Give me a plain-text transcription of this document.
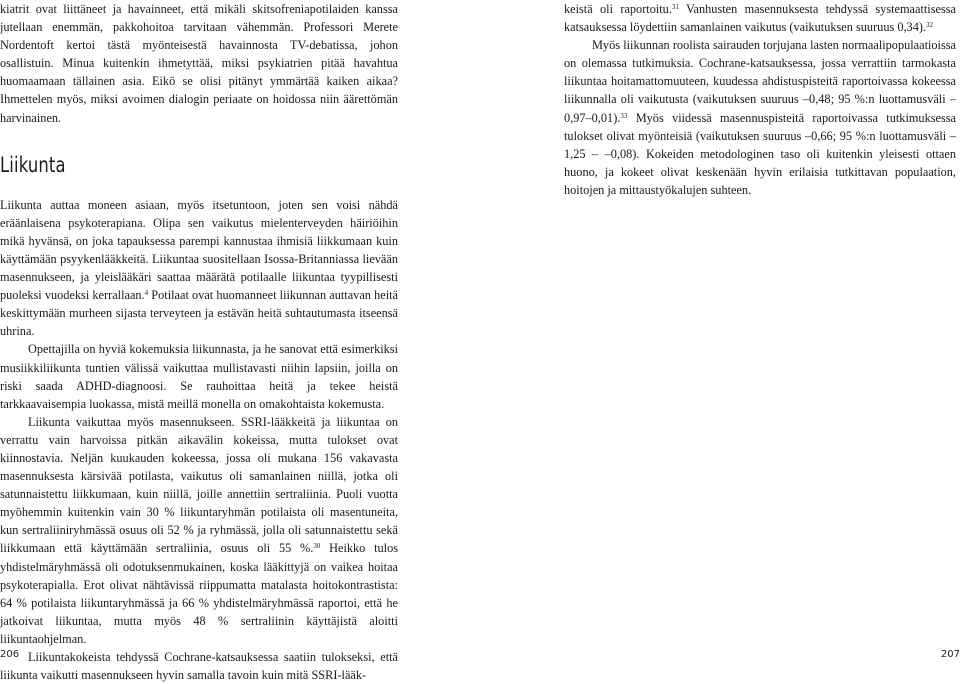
kiatrit ovat liittäneet ja havainneet, että mikäli skitsofreniapotilaiden kanssa jutellaan enemmän, pakkohoitoa tarvitaan vähemmän. Professori Merete Nordentoft kertoi tästä myönteisestä havainnosta TV-debatissa, johon osallistuin. Minua kuitenkin ihmetyttää, miksi psykiatrien pitää havahtua huomaamaan tällainen asia. Eikö se olisi pitänyt ymmärtää kaiken aikaa? Ihmettelen myös, miksi avoimen dialogin periaate on hoidossa niin äärettömän harvinainen.

Liikunta

Liikunta auttaa moneen asiaan, myös itsetuntoon, joten sen voisi nähdä eräänlaisena psykoterapiana. Olipa sen vaikutus mielenterveyden häiriöihin mikä hyvänsä, on joka tapauksessa parempi kannustaa ihmisiä liikkumaan kuin käyttämään psyykenlääkkeitä. Liikuntaa suositellaan Isossa-Britanniassa lievään masennukseen, ja yleislääkäri saattaa määrätä potilaalle liikuntaa tyypillisesti puoleksi vuodeksi kerrallaan.$^4$ Potilaat ovat huomanneet liikunnan auttavan heitä keskittymään murheen sijasta terveyteen ja estävän heitä suhtautumasta itseensä uhrina.

Opettajilla on hyviä kokemuksia liikunnasta, ja he sanovat että esimerkiksi musiikkiliikunta tuntien välissä vaikuttaa mullistavasti niihin lapsiin, joilla on riski saada ADHD-diagnoosi. Se rauhoittaa heitä ja tekee heistä tarkkaavaisempia luokassa, mistä meillä monella on omakohtaista kokemusta.

Liikunta vaikuttaa myös masennukseen. SSRI-lääkkeitä ja liikuntaa on verrattu vain harvoissa pitkän aikavälin kokeissa, mutta tulokset ovat kiinnostavia. Neljän kuukauden kokeessa, jossa oli mukana 156 vakavasta masennuksesta kärsivää potilasta, vaikutus oli samanlainen niillä, jotka oli satunnaistettu liikkumaan, kuin niillä, joille annettiin sertraliinia. Puoli vuotta myöhemmin kuitenkin vain 30 % liikuntaryhmän potilaista oli masentuneita, kun sertraliiniryhmässä osuus oli 52 % ja ryhmässä, jolla oli satunnaistettu sekä liikkumaan että käyttämään sertraliinia, osuus oli 55 %.$^{30}$ Heikko tulos yhdistelmäryhmässä oli odotuksenmukainen, koska lääkittyjä on vaikea hoitaa psykoterapialla. Erot olivat nähtävissä riippumatta matalasta hoitokontrastista: 64 % potilaista liikuntaryhmässä ja 66 % yhdistelmäryhmässä raportoi, että he jatkoivat liikuntaa, mutta myös 48 % sertraliinin käyttäjistä aloitti liikuntaohjelman.

Liikuntakokeista tehdyssä Cochrane-katsauksessa saatiin tulokseksi, että liikunta vaikutti masennukseen hyvin samalla tavoin kuin mitä SSRI-lääk-

keistä oli raportoitu.$^{31}$ Vanhusten masennuksesta tehdyssä systemaattisessa katsauksessa löydettiin samanlainen vaikutus (vaikutuksen suuruus 0,34).$^{32}$

Myös liikunnan roolista sairauden torjujana lasten normaalipopulaatioissa on olemassa tutkimuksia. Cochrane-katsauksessa, jossa verrattiin tarmokasta liikuntaa hoitamattomuuteen, kuudessa ahdistuspisteitä raportoivassa kokeessa liikunnalla oli vaikutusta (vaikutuksen suuruus –0,48; 95 %:n luottamusväli –0,97–0,01).$^{33}$ Myös viidessä masennuspisteitä raportoivassa tutkimuksessa tulokset olivat myönteisiä (vaikutuksen suuruus –0,66; 95 %:n luottamusväli –1,25 – –0,08). Kokeiden metodologinen taso oli kuitenkin yleisesti ottaen huono, ja kokeet olivat keskenään hyvin erilaisia tutkittavan populaation, hoitojen ja mittaustyökalujen suhteen.

206	207
